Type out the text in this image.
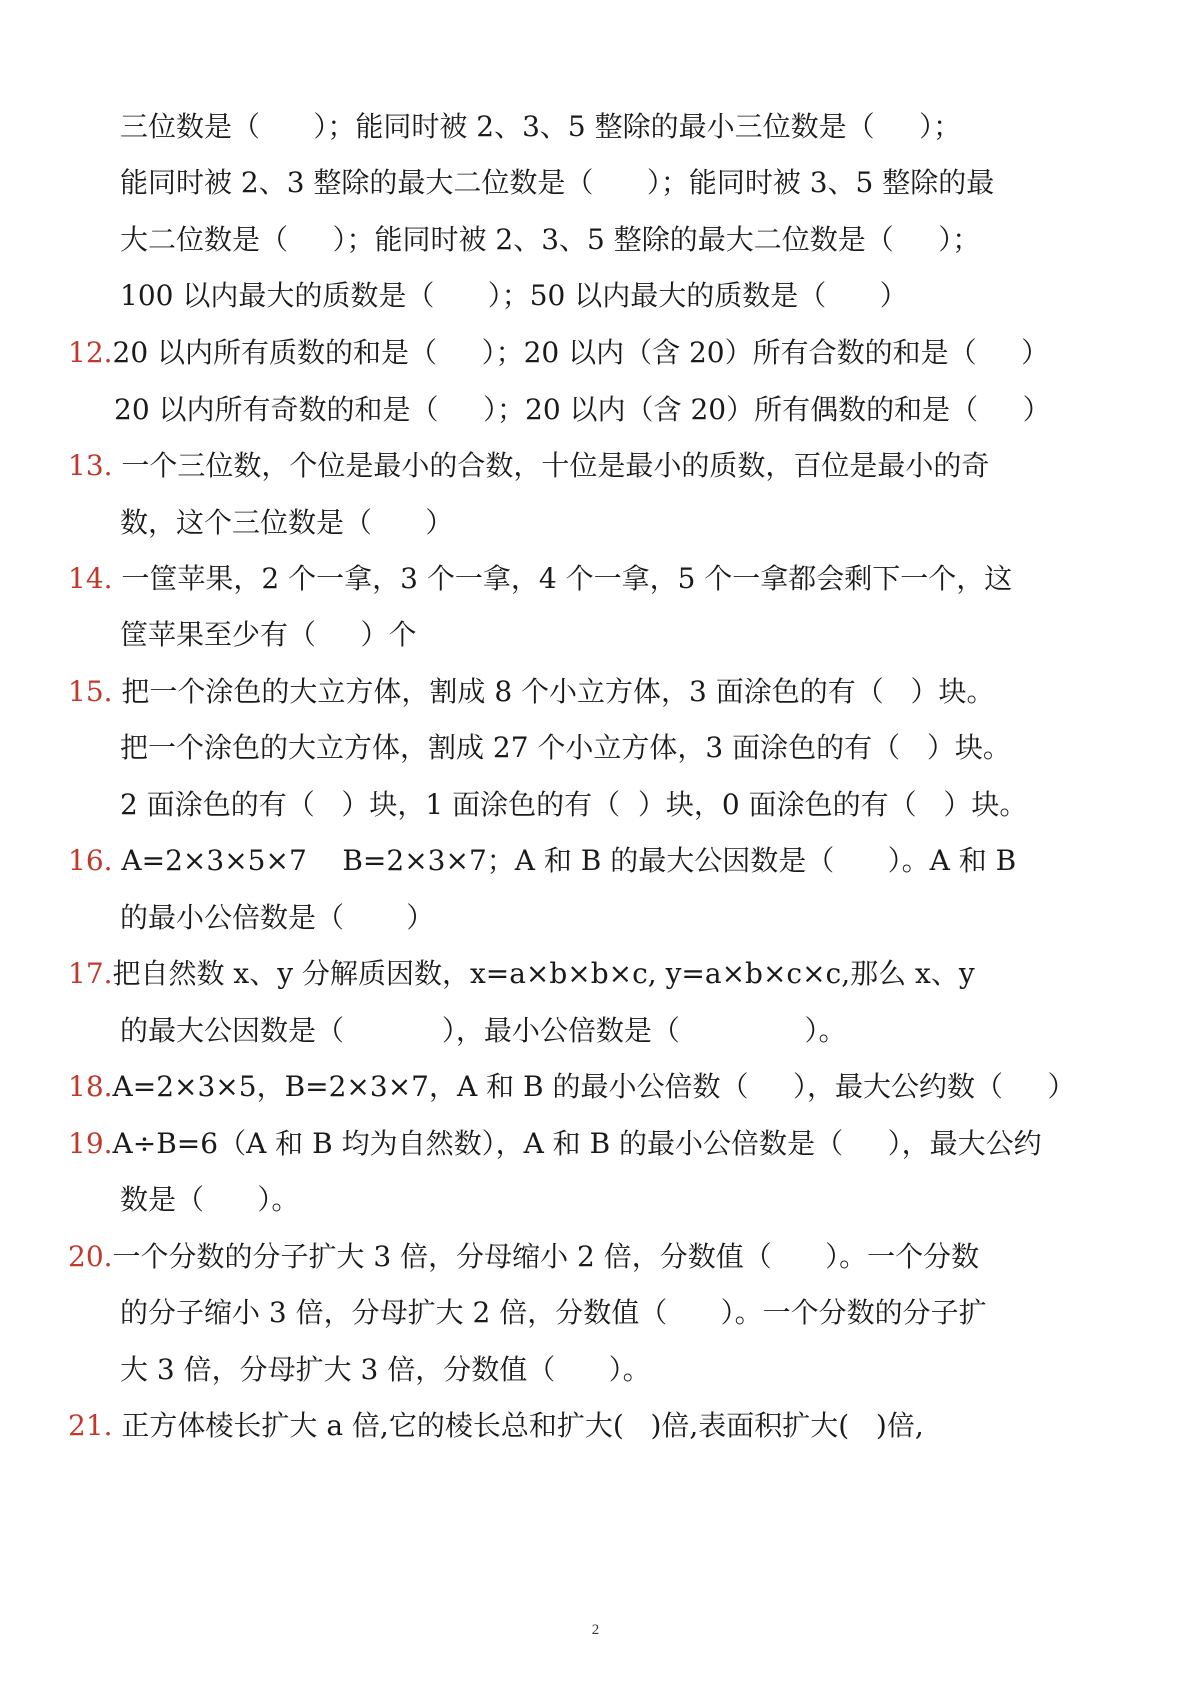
三位数是（      ）；能同时被 2、3、5 整除的最小三位数是（     ）；
能同时被 2、3 整除的最大二位数是（      ）；能同时被 3、5 整除的最
大二位数是（     ）；能同时被 2、3、5 整除的最大二位数是（     ）；
100 以内最大的质数是（      ）；50 以内最大的质数是（      ）
12.20 以内所有质数的和是（     ）；20 以内（含 20）所有合数的和是（     ）
20 以内所有奇数的和是（     ）；20 以内（含 20）所有偶数的和是（     ）
13. 一个三位数，个位是最小的合数，十位是最小的质数，百位是最小的奇
数，这个三位数是（      ）
14. 一筐苹果，2 个一拿，3 个一拿，4 个一拿，5 个一拿都会剩下一个，这
筐苹果至少有（     ）个
15. 把一个涂色的大立方体，割成 8 个小立方体，3 面涂色的有（   ）块。
把一个涂色的大立方体，割成 27 个小立方体，3 面涂色的有（   ）块。
2 面涂色的有（   ）块，1 面涂色的有（  ）块，0 面涂色的有（   ）块。
16. A=2×3×5×7    B=2×3×7；A 和 B 的最大公因数是（      ）。A 和 B
的最小公倍数是（       ）
17.把自然数 x、y 分解质因数，x=a×b×b×c, y=a×b×c×c,那么 x、y
的最大公因数是（           ），最小公倍数是（              ）。
18.A=2×3×5，B=2×3×7，A 和 B 的最小公倍数（     ），最大公约数（     ）
19.A÷B=6（A 和 B 均为自然数），A 和 B 的最小公倍数是（     ），最大公约
数是（      ）。
20.一个分数的分子扩大 3 倍，分母缩小 2 倍，分数值（      ）。一个分数
的分子缩小 3 倍，分母扩大 2 倍，分数值（      ）。一个分数的分子扩
大 3 倍，分母扩大 3 倍，分数值（      ）。
21. 正方体棱长扩大 a 倍,它的棱长总和扩大(   )倍,表面积扩大(   )倍,
2
